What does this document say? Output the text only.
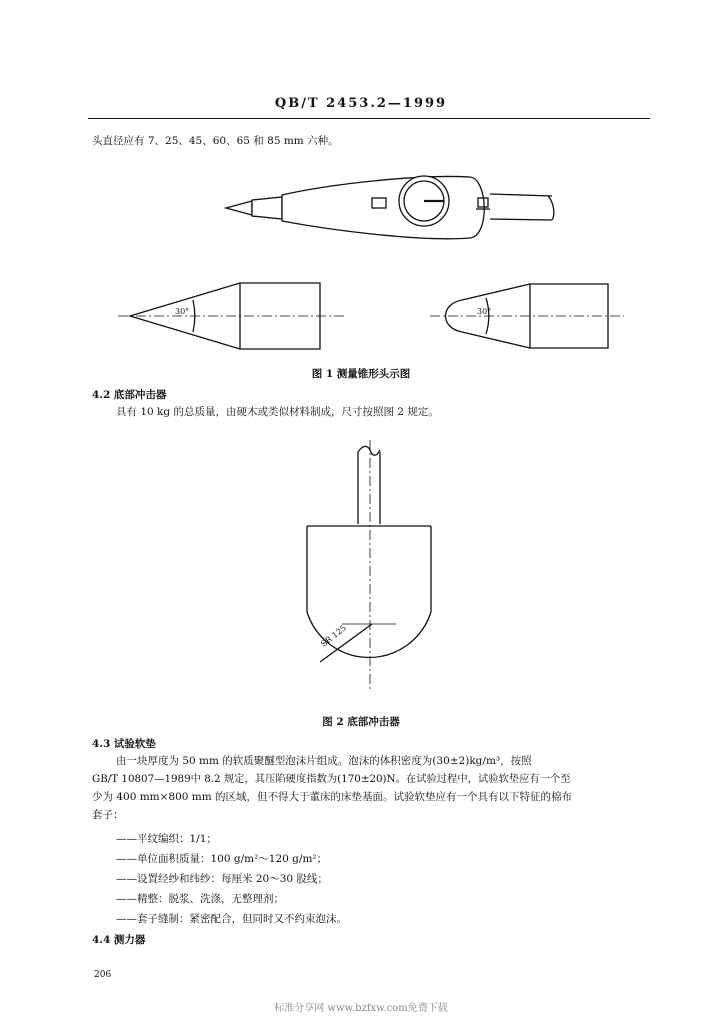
QB/T 2453.2—1999
头直径应有 7、25、45、60、65 和 85 mm 六种。
30°	30°
图 1 测量锥形头示图
4.2 底部冲击器
具有 10 kg 的总质量，由硬木或类似材料制成，尺寸按照图 2 规定。
SR 125
图 2 底部冲击器
4.3 试验软垫
由一块厚度为 50 mm 的软质聚醚型泡沫片组成。泡沫的体积密度为(30±2)kg/m³，按照
GB/T 10807—1989中 8.2 规定，其压陷硬度指数为(170±20)N。在试验过程中，试验软垫应有一个至
少为 400 mm×800 mm 的区域，但不得大于董床的床垫基面。试验软垫应有一个具有以下特征的棉布
套子：
——平纹编织：1/1；
——单位面积质量：100 g/m²～120 g/m²；
——设置经纱和纬纱：每厘米 20～30 股线；
——精整：脱浆、洗涤，无整理剂；
——套子缝制：紧密配合，但同时又不约束泡沫。
4.4 测力器
206
标准分享网 www.bzfxw.com免费下载
